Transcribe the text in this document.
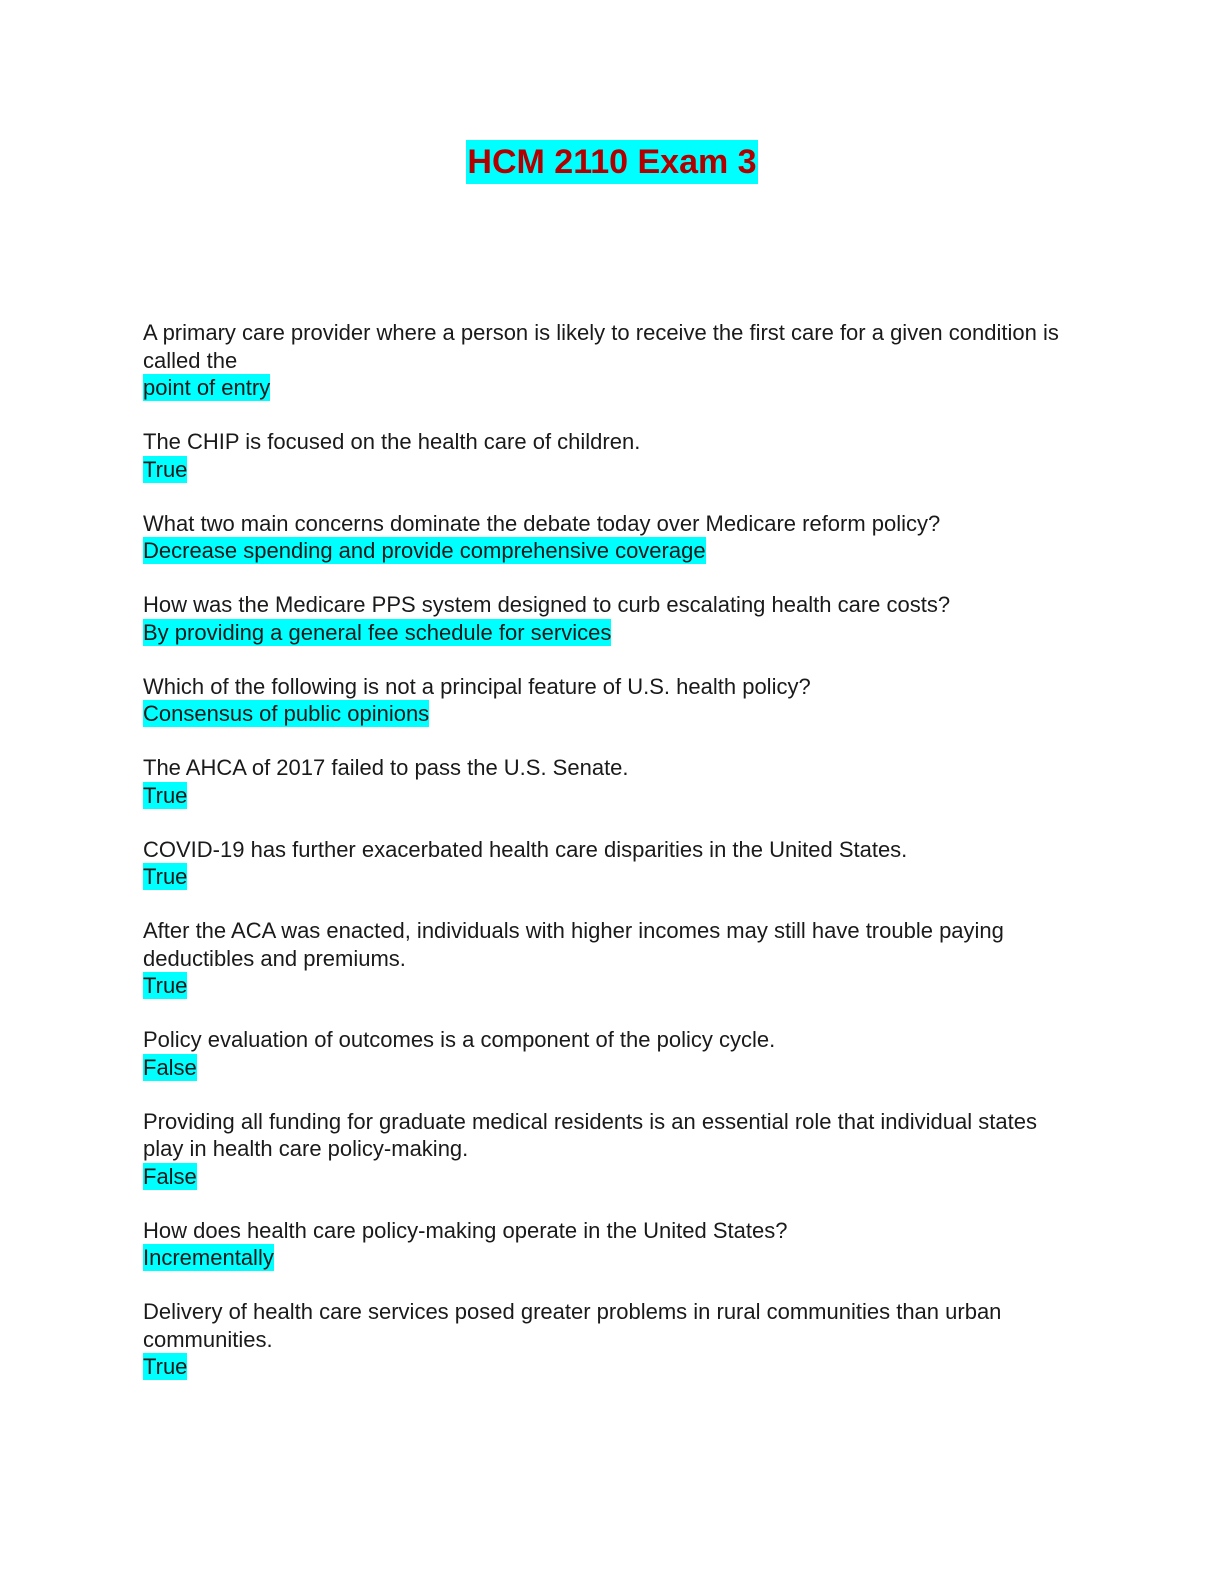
HCM 2110 Exam 3

A primary care provider where a person is likely to receive the first care for a given condition is called the

point of entry

The CHIP is focused on the health care of children.

True

What two main concerns dominate the debate today over Medicare reform policy?

Decrease spending and provide comprehensive coverage

How was the Medicare PPS system designed to curb escalating health care costs?

By providing a general fee schedule for services

Which of the following is not a principal feature of U.S. health policy?

Consensus of public opinions

The AHCA of 2017 failed to pass the U.S. Senate.

True

COVID-19 has further exacerbated health care disparities in the United States.

True

After the ACA was enacted, individuals with higher incomes may still have trouble paying deductibles and premiums.

True

Policy evaluation of outcomes is a component of the policy cycle.

False

Providing all funding for graduate medical residents is an essential role that individual states play in health care policy-making.

False

How does health care policy-making operate in the United States?

Incrementally

Delivery of health care services posed greater problems in rural communities than urban communities.

True
